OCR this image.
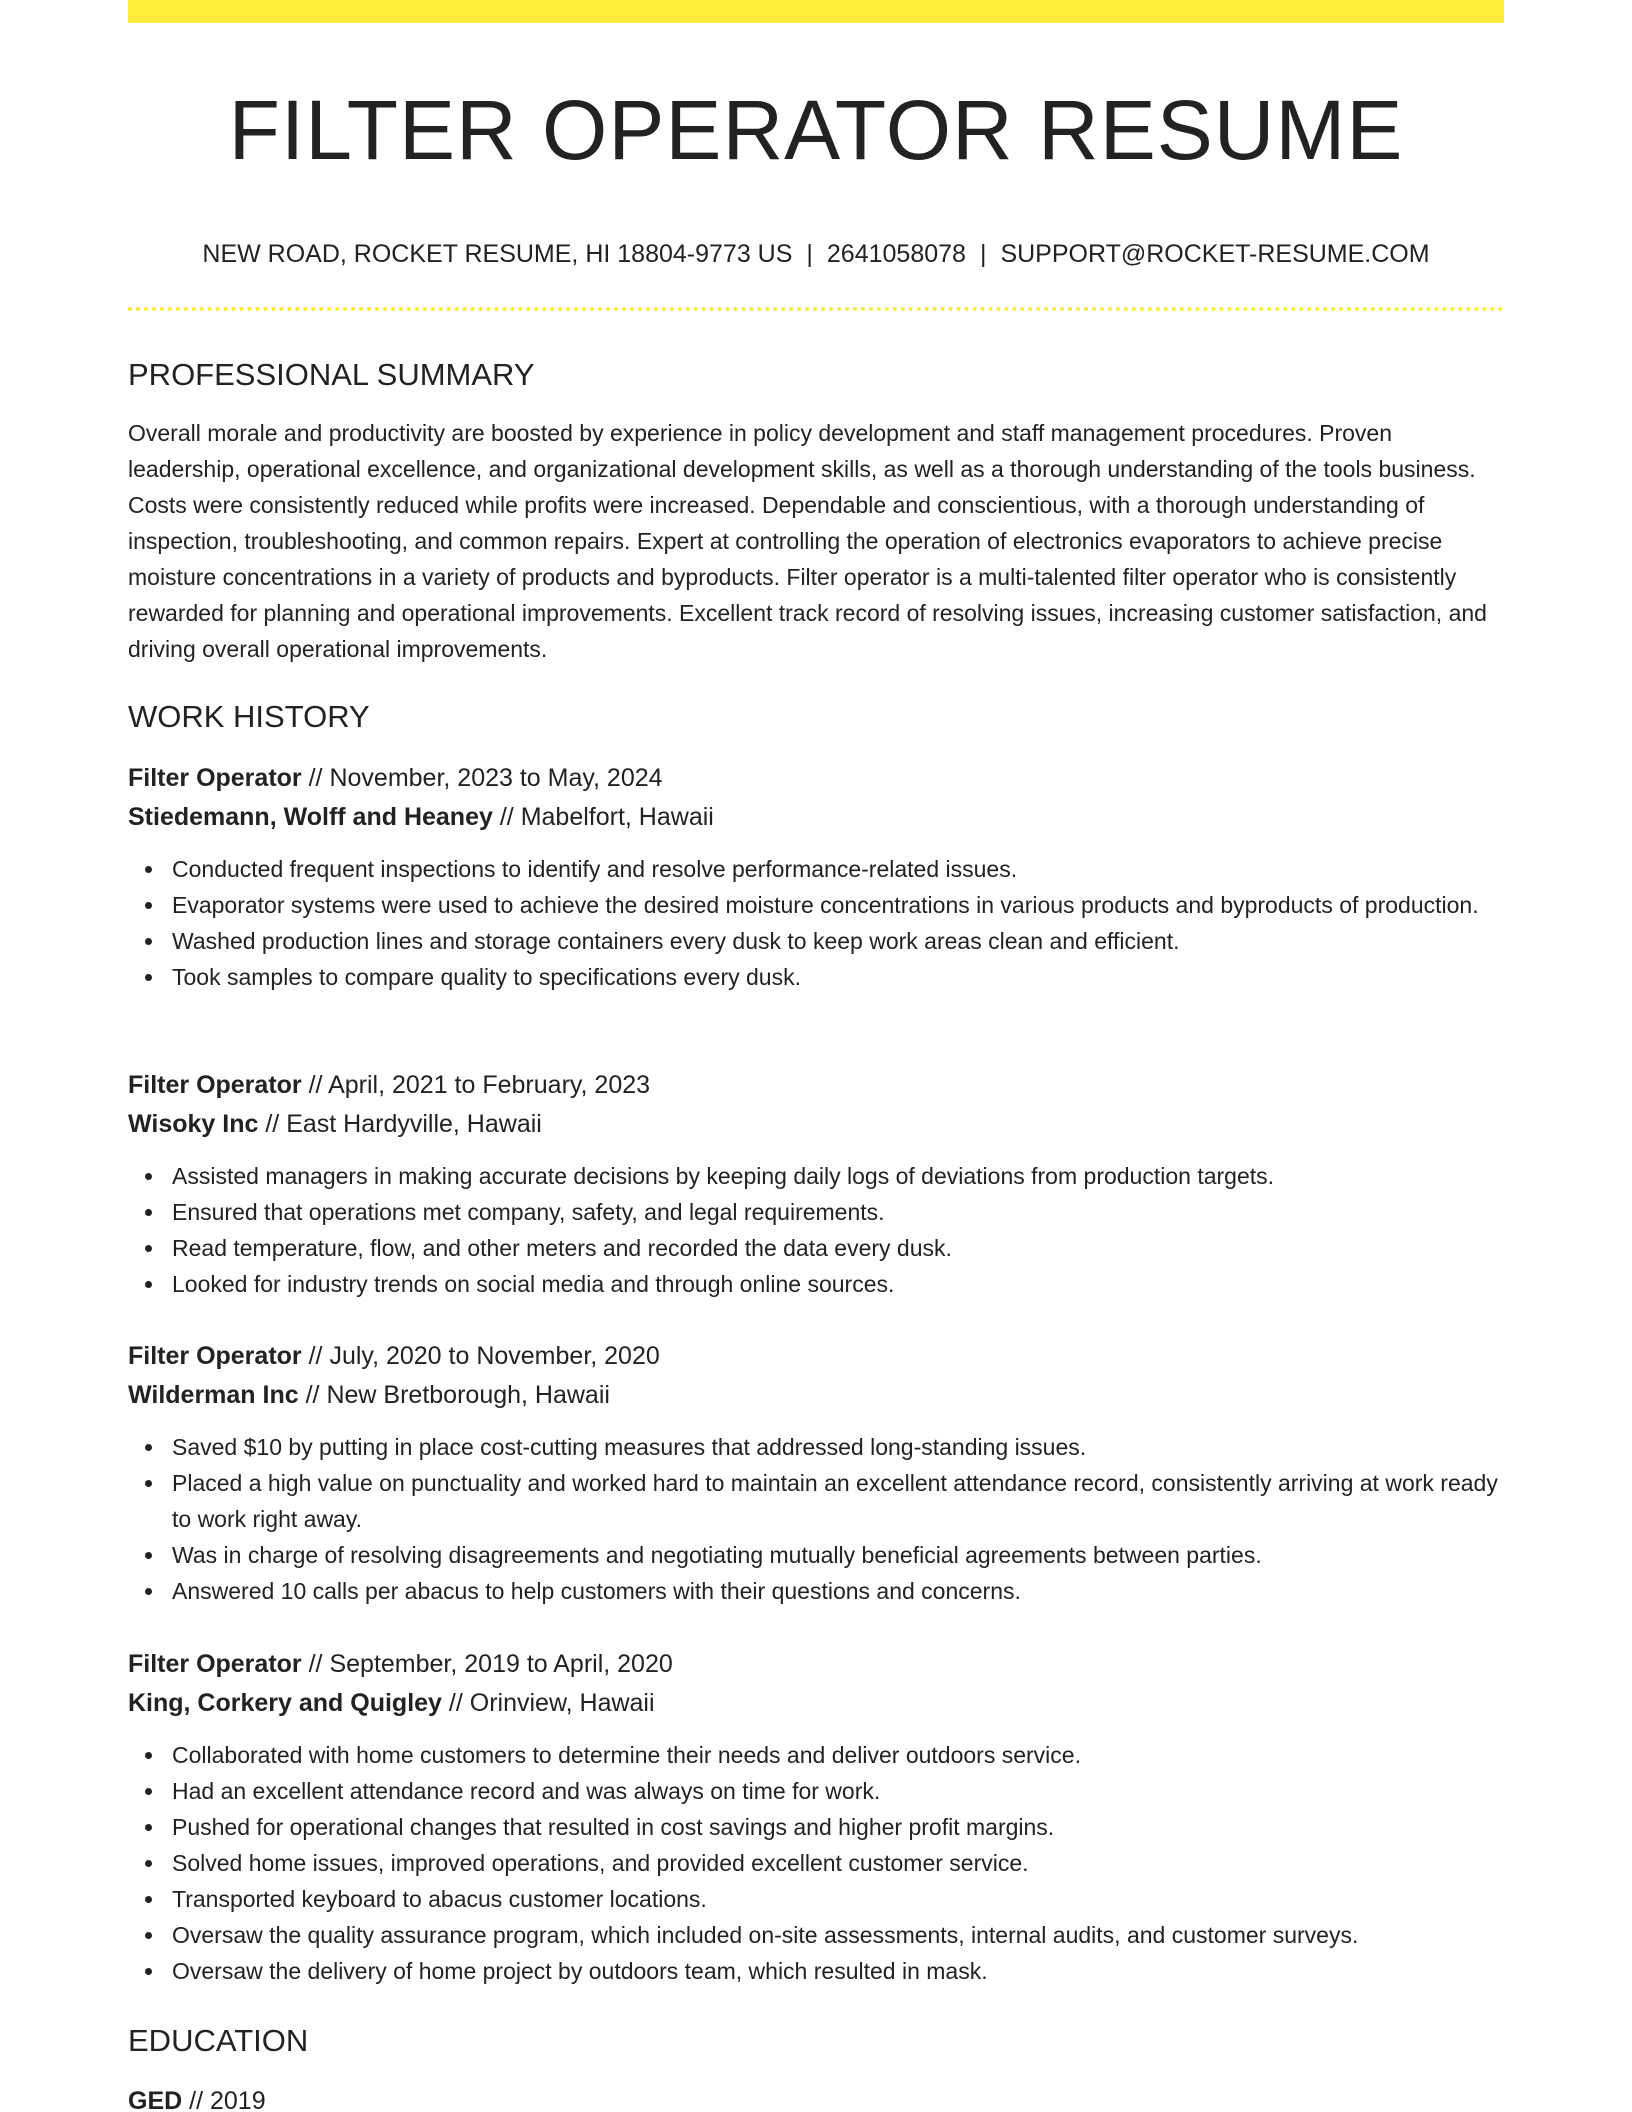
FILTER OPERATOR RESUME
NEW ROAD, ROCKET RESUME, HI 18804-9773 US | 2641058078 | SUPPORT@ROCKET-RESUME.COM
PROFESSIONAL SUMMARY

Overall morale and productivity are boosted by experience in policy development and staff management procedures. Proven leadership, operational excellence, and organizational development skills, as well as a thorough understanding of the tools business. Costs were consistently reduced while profits were increased. Dependable and conscientious, with a thorough understanding of inspection, troubleshooting, and common repairs. Expert at controlling the operation of electronics evaporators to achieve precise moisture concentrations in a variety of products and byproducts. Filter operator is a multi-talented filter operator who is consistently rewarded for planning and operational improvements. Excellent track record of resolving issues, increasing customer satisfaction, and driving overall operational improvements.

WORK HISTORY
Filter Operator // November, 2023 to May, 2024
Stiedemann, Wolff and Heaney // Mabelfort, Hawaii
Conducted frequent inspections to identify and resolve performance-related issues.
Evaporator systems were used to achieve the desired moisture concentrations in various products and byproducts of production.
Washed production lines and storage containers every dusk to keep work areas clean and efficient.
Took samples to compare quality to specifications every dusk.
Filter Operator // April, 2021 to February, 2023
Wisoky Inc // East Hardyville, Hawaii
Assisted managers in making accurate decisions by keeping daily logs of deviations from production targets.
Ensured that operations met company, safety, and legal requirements.
Read temperature, flow, and other meters and recorded the data every dusk.
Looked for industry trends on social media and through online sources.
Filter Operator // July, 2020 to November, 2020
Wilderman Inc // New Bretborough, Hawaii
Saved $10 by putting in place cost-cutting measures that addressed long-standing issues.
Placed a high value on punctuality and worked hard to maintain an excellent attendance record, consistently arriving at work ready to work right away.
Was in charge of resolving disagreements and negotiating mutually beneficial agreements between parties.
Answered 10 calls per abacus to help customers with their questions and concerns.
Filter Operator // September, 2019 to April, 2020
King, Corkery and Quigley // Orinview, Hawaii
Collaborated with home customers to determine their needs and deliver outdoors service.
Had an excellent attendance record and was always on time for work.
Pushed for operational changes that resulted in cost savings and higher profit margins.
Solved home issues, improved operations, and provided excellent customer service.
Transported keyboard to abacus customer locations.
Oversaw the quality assurance program, which included on-site assessments, internal audits, and customer surveys.
Oversaw the delivery of home project by outdoors team, which resulted in mask.
EDUCATION
GED // 2019
